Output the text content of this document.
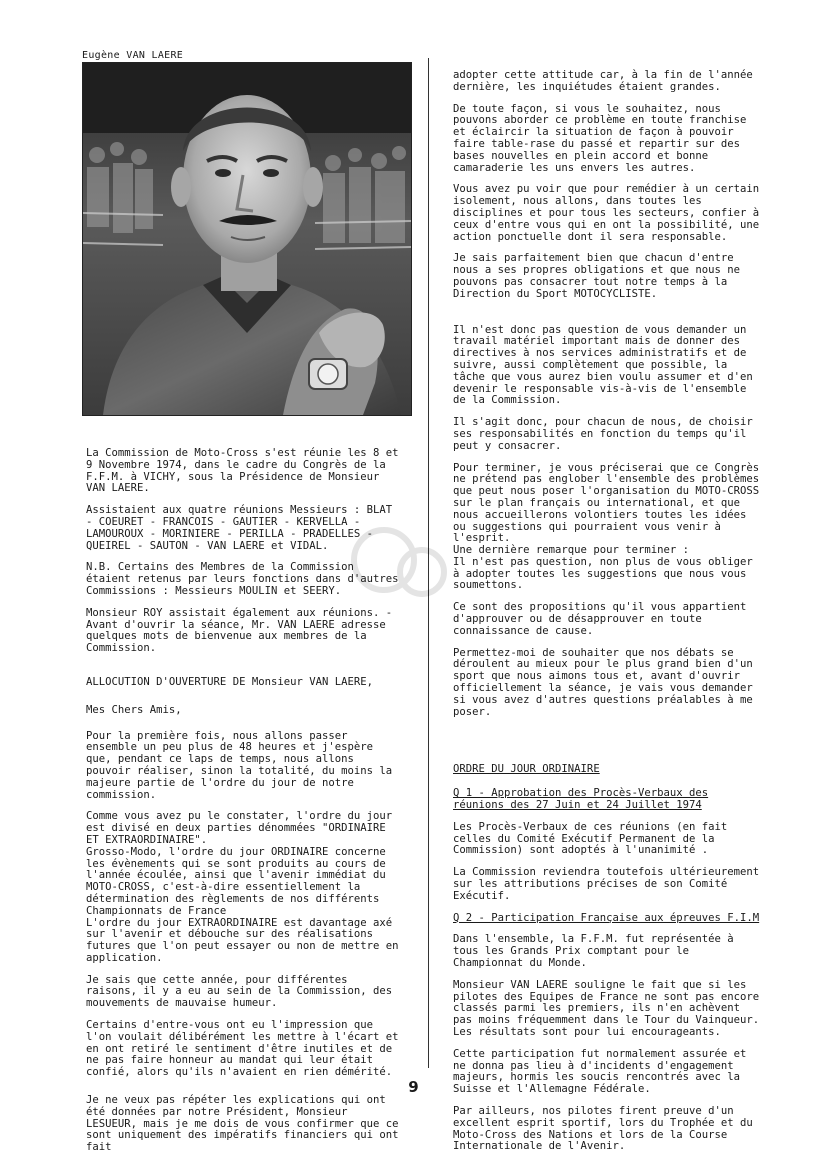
Eugène VAN LAERE

La Commission de Moto-Cross s'est réunie les 8 et 9 Novembre 1974, dans le cadre du Congrès de la F.F.M. à VICHY, sous la Présidence de Monsieur VAN LAERE.

Assistaient aux quatre réunions Messieurs : BLAT - COEURET - FRANCOIS - GAUTIER - KERVELLA - LAMOUROUX - MORINIERE - PERILLA - PRADELLES - QUEIREL - SAUTON - VAN LAERE et VIDAL.

N.B. Certains des Membres de la Commission étaient retenus par leurs fonctions dans d'autres Commissions : Messieurs MOULIN et SEERY.

Monsieur ROY assistait également aux réunions. - Avant d'ouvrir la séance, Mr. VAN LAERE adresse quelques mots de bienvenue aux membres de la Commission.

ALLOCUTION D'OUVERTURE DE Monsieur VAN LAERE,

Mes Chers Amis,

Pour la première fois, nous allons passer ensemble un peu plus de 48 heures et j'espère que, pendant ce laps de temps, nous allons pouvoir réaliser, sinon la totalité, du moins la majeure partie de l'ordre du jour de notre commission.

Comme vous avez pu le constater, l'ordre du jour est divisé en deux parties dénommées "ORDINAIRE ET EXTRAORDINAIRE".

Grosso-Modo, l'ordre du jour ORDINAIRE concerne les évènements qui se sont produits au cours de l'année écoulée, ainsi que l'avenir immédiat du MOTO-CROSS, c'est-à-dire essentiellement la détermination des règlements de nos différents Championnats de France

L'ordre du jour EXTRAORDINAIRE est davantage axé sur l'avenir et débouche sur des réalisations futures que l'on peut essayer ou non de mettre en application.

Je sais que cette année, pour différentes raisons, il y a eu au sein de la Commission, des mouvements de mauvaise humeur.

Certains d'entre-vous ont eu l'impression que l'on voulait délibérément les mettre à l'écart et en ont retiré le sentiment d'être inutiles et de ne pas faire honneur au mandat qui leur était confié, alors qu'ils n'avaient en rien démérité.

Je ne veux pas répéter les explications qui ont été données par notre Président, Monsieur LESUEUR, mais je me dois de vous confirmer que ce sont uniquement des impératifs financiers qui ont fait

adopter cette attitude car, à la fin de l'année dernière, les inquiétudes étaient grandes.

De toute façon, si vous le souhaitez, nous pouvons aborder ce problème en toute franchise et éclaircir la situation de façon à pouvoir faire table-rase du passé et repartir sur des bases nouvelles en plein accord et bonne camaraderie les uns envers les autres.

Vous avez pu voir que pour remédier à un certain isolement, nous allons, dans toutes les disciplines et pour tous les secteurs, confier à ceux d'entre vous qui en ont la possibilité, une action ponctuelle dont il sera responsable.

Je sais parfaitement bien que chacun d'entre nous a ses propres obligations et que nous ne pouvons pas consacrer tout notre temps à la Direction du Sport MOTOCYCLISTE.

Il n'est donc pas question de vous demander un travail matériel important mais de donner des directives à nos services administratifs et de suivre, aussi complètement que possible, la tâche que vous aurez bien voulu assumer et d'en devenir le responsable vis-à-vis de l'ensemble de la Commission.

Il s'agit donc, pour chacun de nous, de choisir ses responsabilités en fonction du temps qu'il peut y consacrer.

Pour terminer, je vous préciserai que ce Congrès ne prétend pas englober l'ensemble des problèmes que peut nous poser l'organisation du MOTO-CROSS sur le plan français ou international, et que nous accueillerons volontiers toutes les idées ou suggestions qui pourraient vous venir à l'esprit.

Une dernière remarque pour terminer :

Il n'est pas question, non plus de vous obliger à adopter toutes les suggestions que nous vous soumettons.

Ce sont des propositions qu'il vous appartient d'approuver ou de désapprouver en toute connaissance de cause.

Permettez-moi de souhaiter que nos débats se déroulent au mieux pour le plus grand bien d'un sport que nous aimons tous et, avant d'ouvrir officiellement la séance, je vais vous demander si vous avez d'autres questions préalables à me poser.

ORDRE DU JOUR ORDINAIRE

Q 1 - Approbation des Procès-Verbaux des réunions des 27 Juin et 24 Juillet 1974

Les Procès-Verbaux de ces réunions (en fait celles du Comité Exécutif Permanent de la Commission) sont adoptés à l'unanimité .

La Commission reviendra toutefois ultérieurement sur les attributions précises de son Comité Exécutif.

Q 2 - Participation Française aux épreuves F.I.M

Dans l'ensemble, la F.F.M. fut représentée à tous les Grands Prix comptant pour le Championnat du Monde.

Monsieur VAN LAERE souligne le fait que si les pilotes des Equipes de France ne sont pas encore classés parmi les premiers, ils n'en achèvent pas moins fréquemment dans le Tour du Vainqueur. Les résultats sont pour lui encourageants.

Cette participation fut normalement assurée et ne donna pas lieu à d'incidents d'engagement majeurs, hormis les soucis rencontrés avec la Suisse et l'Allemagne Fédérale.

Par ailleurs, nos pilotes firent preuve d'un excellent esprit sportif, lors du Trophée et du Moto-Cross des Nations et lors de la Course Internationale de l'Avenir.

9
